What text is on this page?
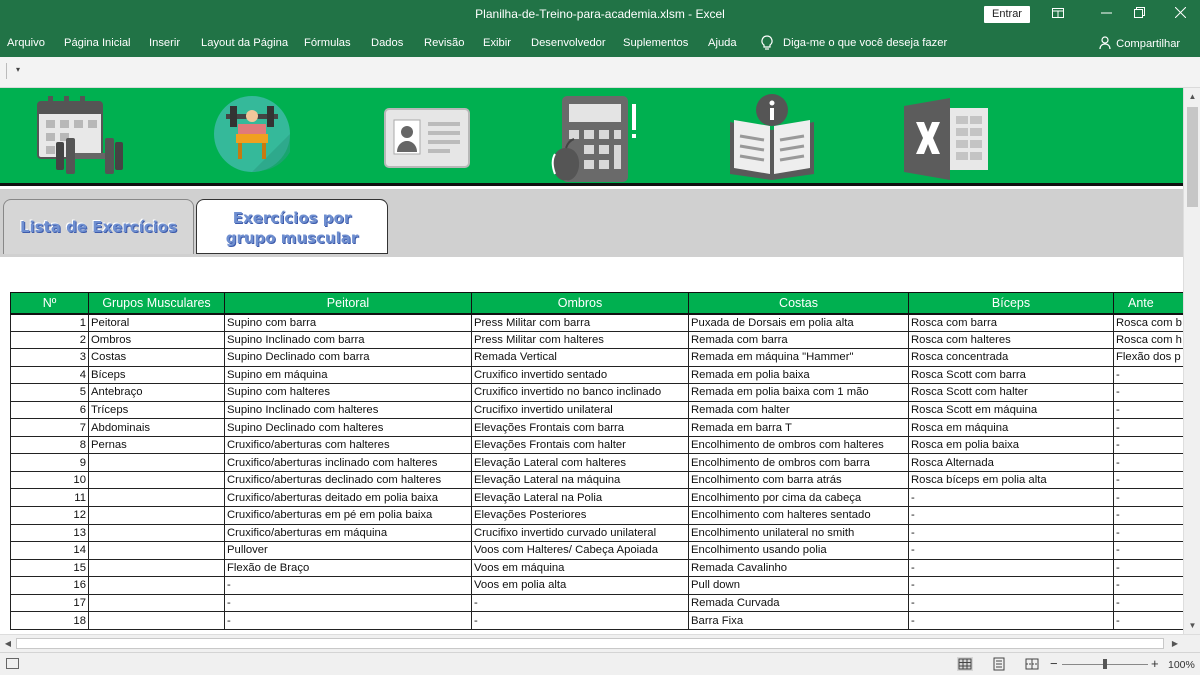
Planilha-de-Treino-para-academia.xlsm - Excel	Entrar
Arquivo Página Inicial Inserir Layout da Página Fórmulas Dados Revisão Exibir Desenvolvedor Suplementos Ajuda	Diga-me o que você deseja fazer	Compartilhar
▾
Lista de Exercícios	Exercícios por
grupo muscular
Nº	Grupos Musculares	Peitoral	Ombros	Costas	Bíceps	Ante
1	Peitoral	Supino com barra	Press Militar com barra	Puxada de Dorsais em polia alta	Rosca com barra	Rosca com b
2	Ombros	Supino Inclinado com barra	Press Militar com halteres	Remada com barra	Rosca com halteres	Rosca com h
3	Costas	Supino Declinado com barra	Remada Vertical	Remada em máquina "Hammer"	Rosca concentrada	Flexão dos p
4	Bíceps	Supino em máquina	Cruxifico invertido sentado	Remada em polia baixa	Rosca Scott com barra	-
5	Antebraço	Supino com halteres	Cruxifico invertido no banco inclinado	Remada em polia baixa com 1 mão	Rosca Scott com halter	-
6	Tríceps	Supino Inclinado com halteres	Crucifixo invertido unilateral	Remada com halter	Rosca Scott em máquina	-
7	Abdominais	Supino Declinado com halteres	Elevações Frontais com barra	Remada em barra T	Rosca em máquina	-
8	Pernas	Cruxifico/aberturas com halteres	Elevações Frontais com halter	Encolhimento de ombros com halteres	Rosca em polia baixa	-
9		Cruxifico/aberturas inclinado com halteres	Elevação Lateral com halteres	Encolhimento de ombros com barra	Rosca Alternada	-
10		Cruxifico/aberturas declinado com halteres	Elevação Lateral na máquina	Encolhimento com barra atrás	Rosca bíceps em polia alta	-
11		Cruxifico/aberturas deitado em polia baixa	Elevação Lateral na Polia	Encolhimento por cima da cabeça	-	-
12		Cruxifico/aberturas em pé em polia baixa	Elevações Posteriores	Encolhimento com halteres sentado	-	-
13		Cruxifico/aberturas em máquina	Crucifixo invertido curvado unilateral	Encolhimento unilateral no smith	-	-
14		Pullover	Voos com Halteres/ Cabeça Apoiada	Encolhimento usando polia	-	-
15		Flexão de Braço	Voos em máquina	Remada Cavalinho	-	-
16		-	Voos em polia alta	Pull down	-	-
17		-	-	Remada Curvada	-	-
18		-	-	Barra Fixa	-	-
▲
▼
◀	▶
−	+ 100%
